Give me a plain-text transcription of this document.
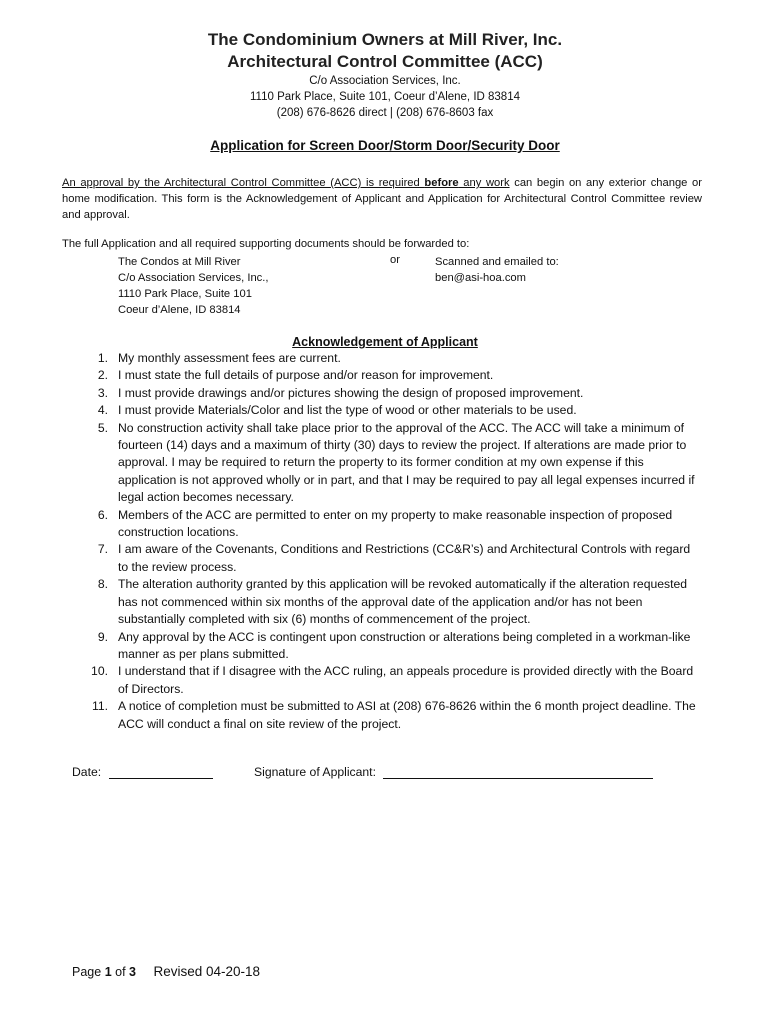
The Condominium Owners at Mill River, Inc.
Architectural Control Committee (ACC)
C/o Association Services, Inc.
1110 Park Place, Suite 101, Coeur d’Alene, ID 83814
(208) 676-8626 direct | (208) 676-8603 fax
Application for Screen Door/Storm Door/Security Door
An approval by the Architectural Control Committee (ACC) is required before any work can begin on any exterior change or home modification. This form is the Acknowledgement of Applicant and Application for Architectural Control Committee review and approval.
The full Application and all required supporting documents should be forwarded to:
The Condos at Mill River
C/o Association Services, Inc.,
1110 Park Place, Suite 101
Coeur d’Alene, ID 83814
or	Scanned and emailed to:
ben@asi-hoa.com
Acknowledgement of Applicant
1. My monthly assessment fees are current.
2. I must state the full details of purpose and/or reason for improvement.
3. I must provide drawings and/or pictures showing the design of proposed improvement.
4. I must provide Materials/Color and list the type of wood or other materials to be used.
5. No construction activity shall take place prior to the approval of the ACC. The ACC will take a minimum of fourteen (14) days and a maximum of thirty (30) days to review the project. If alterations are made prior to approval. I may be required to return the property to its former condition at my own expense if this application is not approved wholly or in part, and that I may be required to pay all legal expenses incurred if legal action becomes necessary.
6. Members of the ACC are permitted to enter on my property to make reasonable inspection of proposed construction locations.
7. I am aware of the Covenants, Conditions and Restrictions (CC&R’s) and Architectural Controls with regard to the review process.
8. The alteration authority granted by this application will be revoked automatically if the alteration requested has not commenced within six months of the approval date of the application and/or has not been substantially completed with six (6) months of commencement of the project.
9. Any approval by the ACC is contingent upon construction or alterations being completed in a workman-like manner as per plans submitted.
10. I understand that if I disagree with the ACC ruling, an appeals procedure is provided directly with the Board of Directors.
11. A notice of completion must be submitted to ASI at (208) 676-8626 within the 6 month project deadline. The ACC will conduct a final on site review of the project.
Date:	Signature of Applicant:
Page 1 of 3 Revised 04-20-18
